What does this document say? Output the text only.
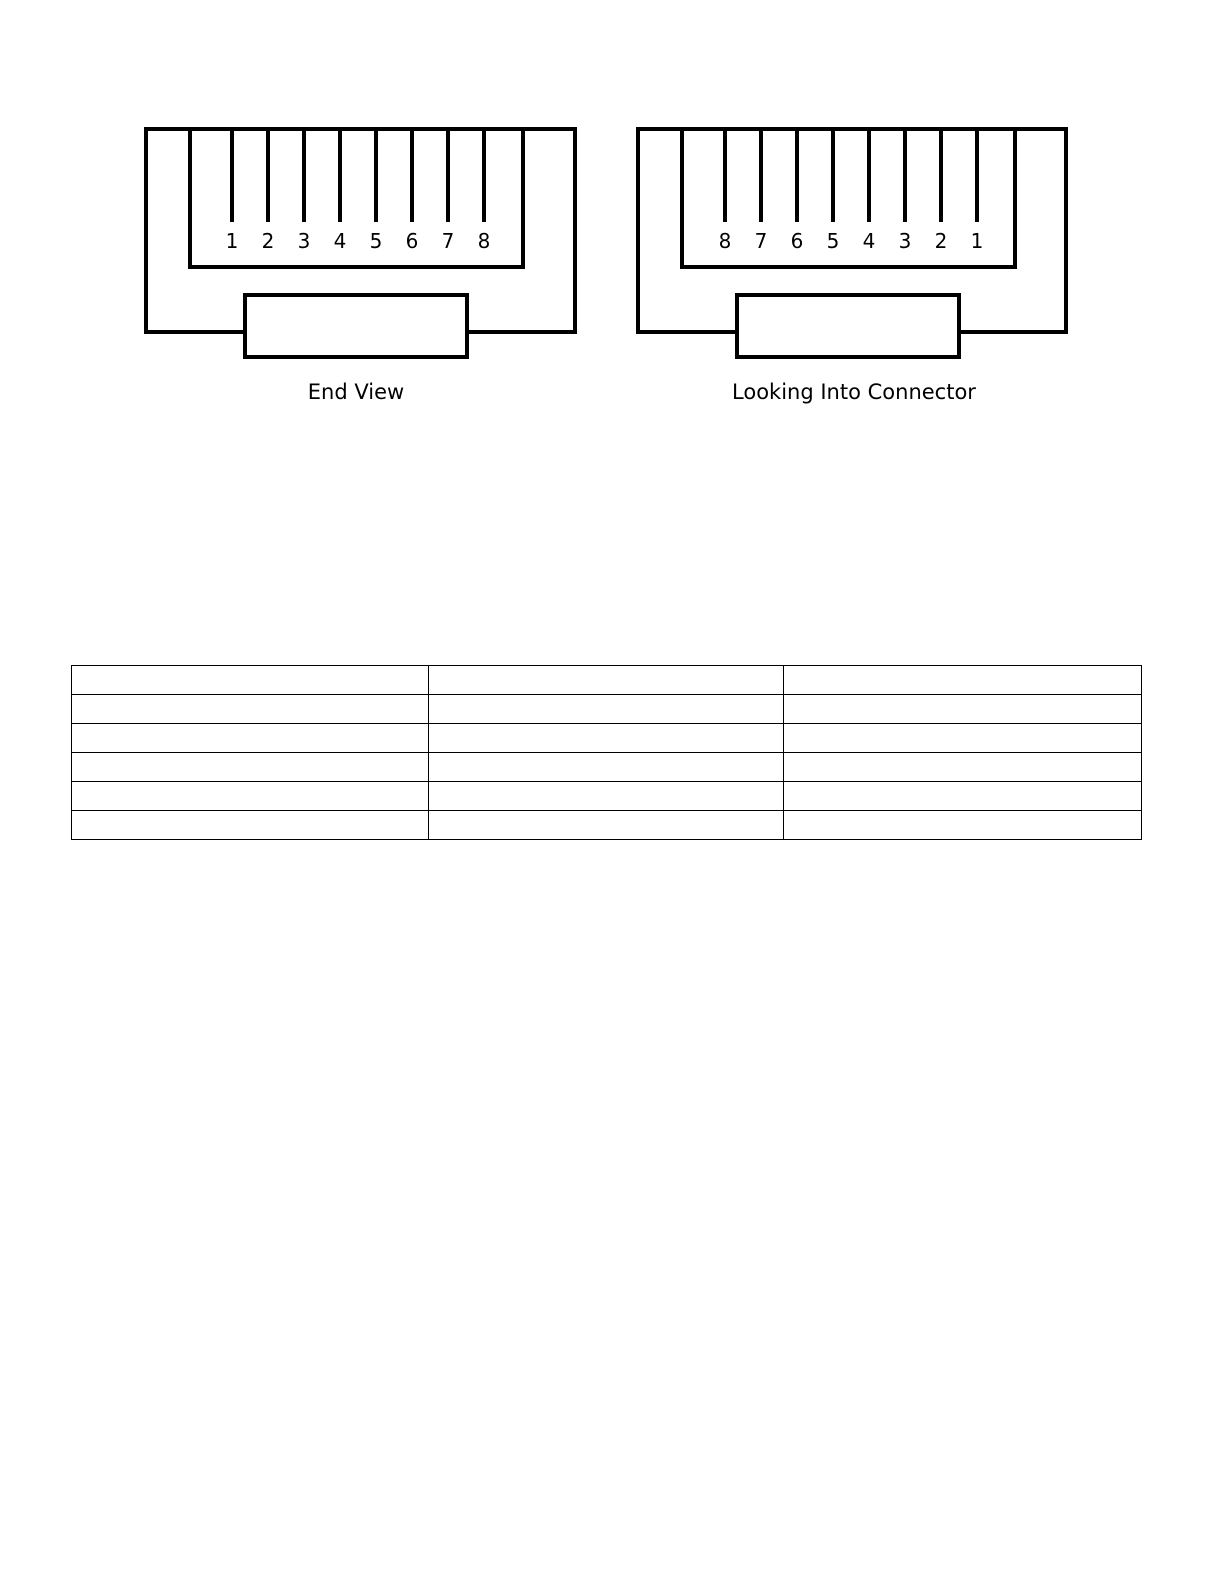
1 2 3 4 5 6 7 8
End View
8 7 6 5 4 3 2 1
Looking Into Connector
